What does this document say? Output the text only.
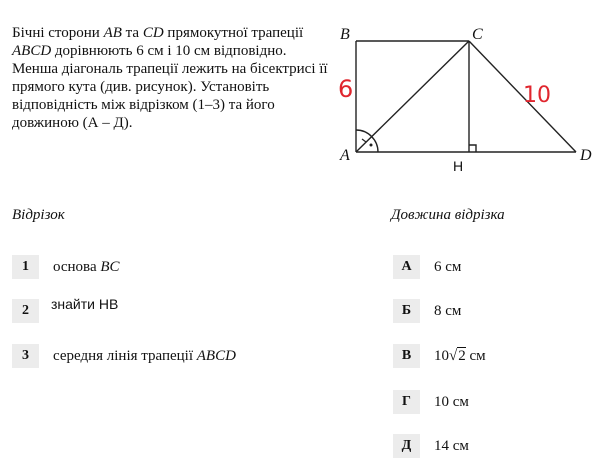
Бічні сторони AB та CD прямокутної трапеції ABCD дорівнюють 6 см і 10 см відповідно. Менша діагональ трапеції лежить на бісектрисі її прямого кута (див. рисунок). Установіть відповідність між відрізком (1–3) та його довжиною (А – Д).
B	C
A	D
H
6	10
Відрізок	Довжина відрізка
1	основа BC
2	знайти HB
3	середня лінія трапеції ABCD
А	6 см
Б	8 см
В	10√2 см
Г	10 см
Д	14 см
